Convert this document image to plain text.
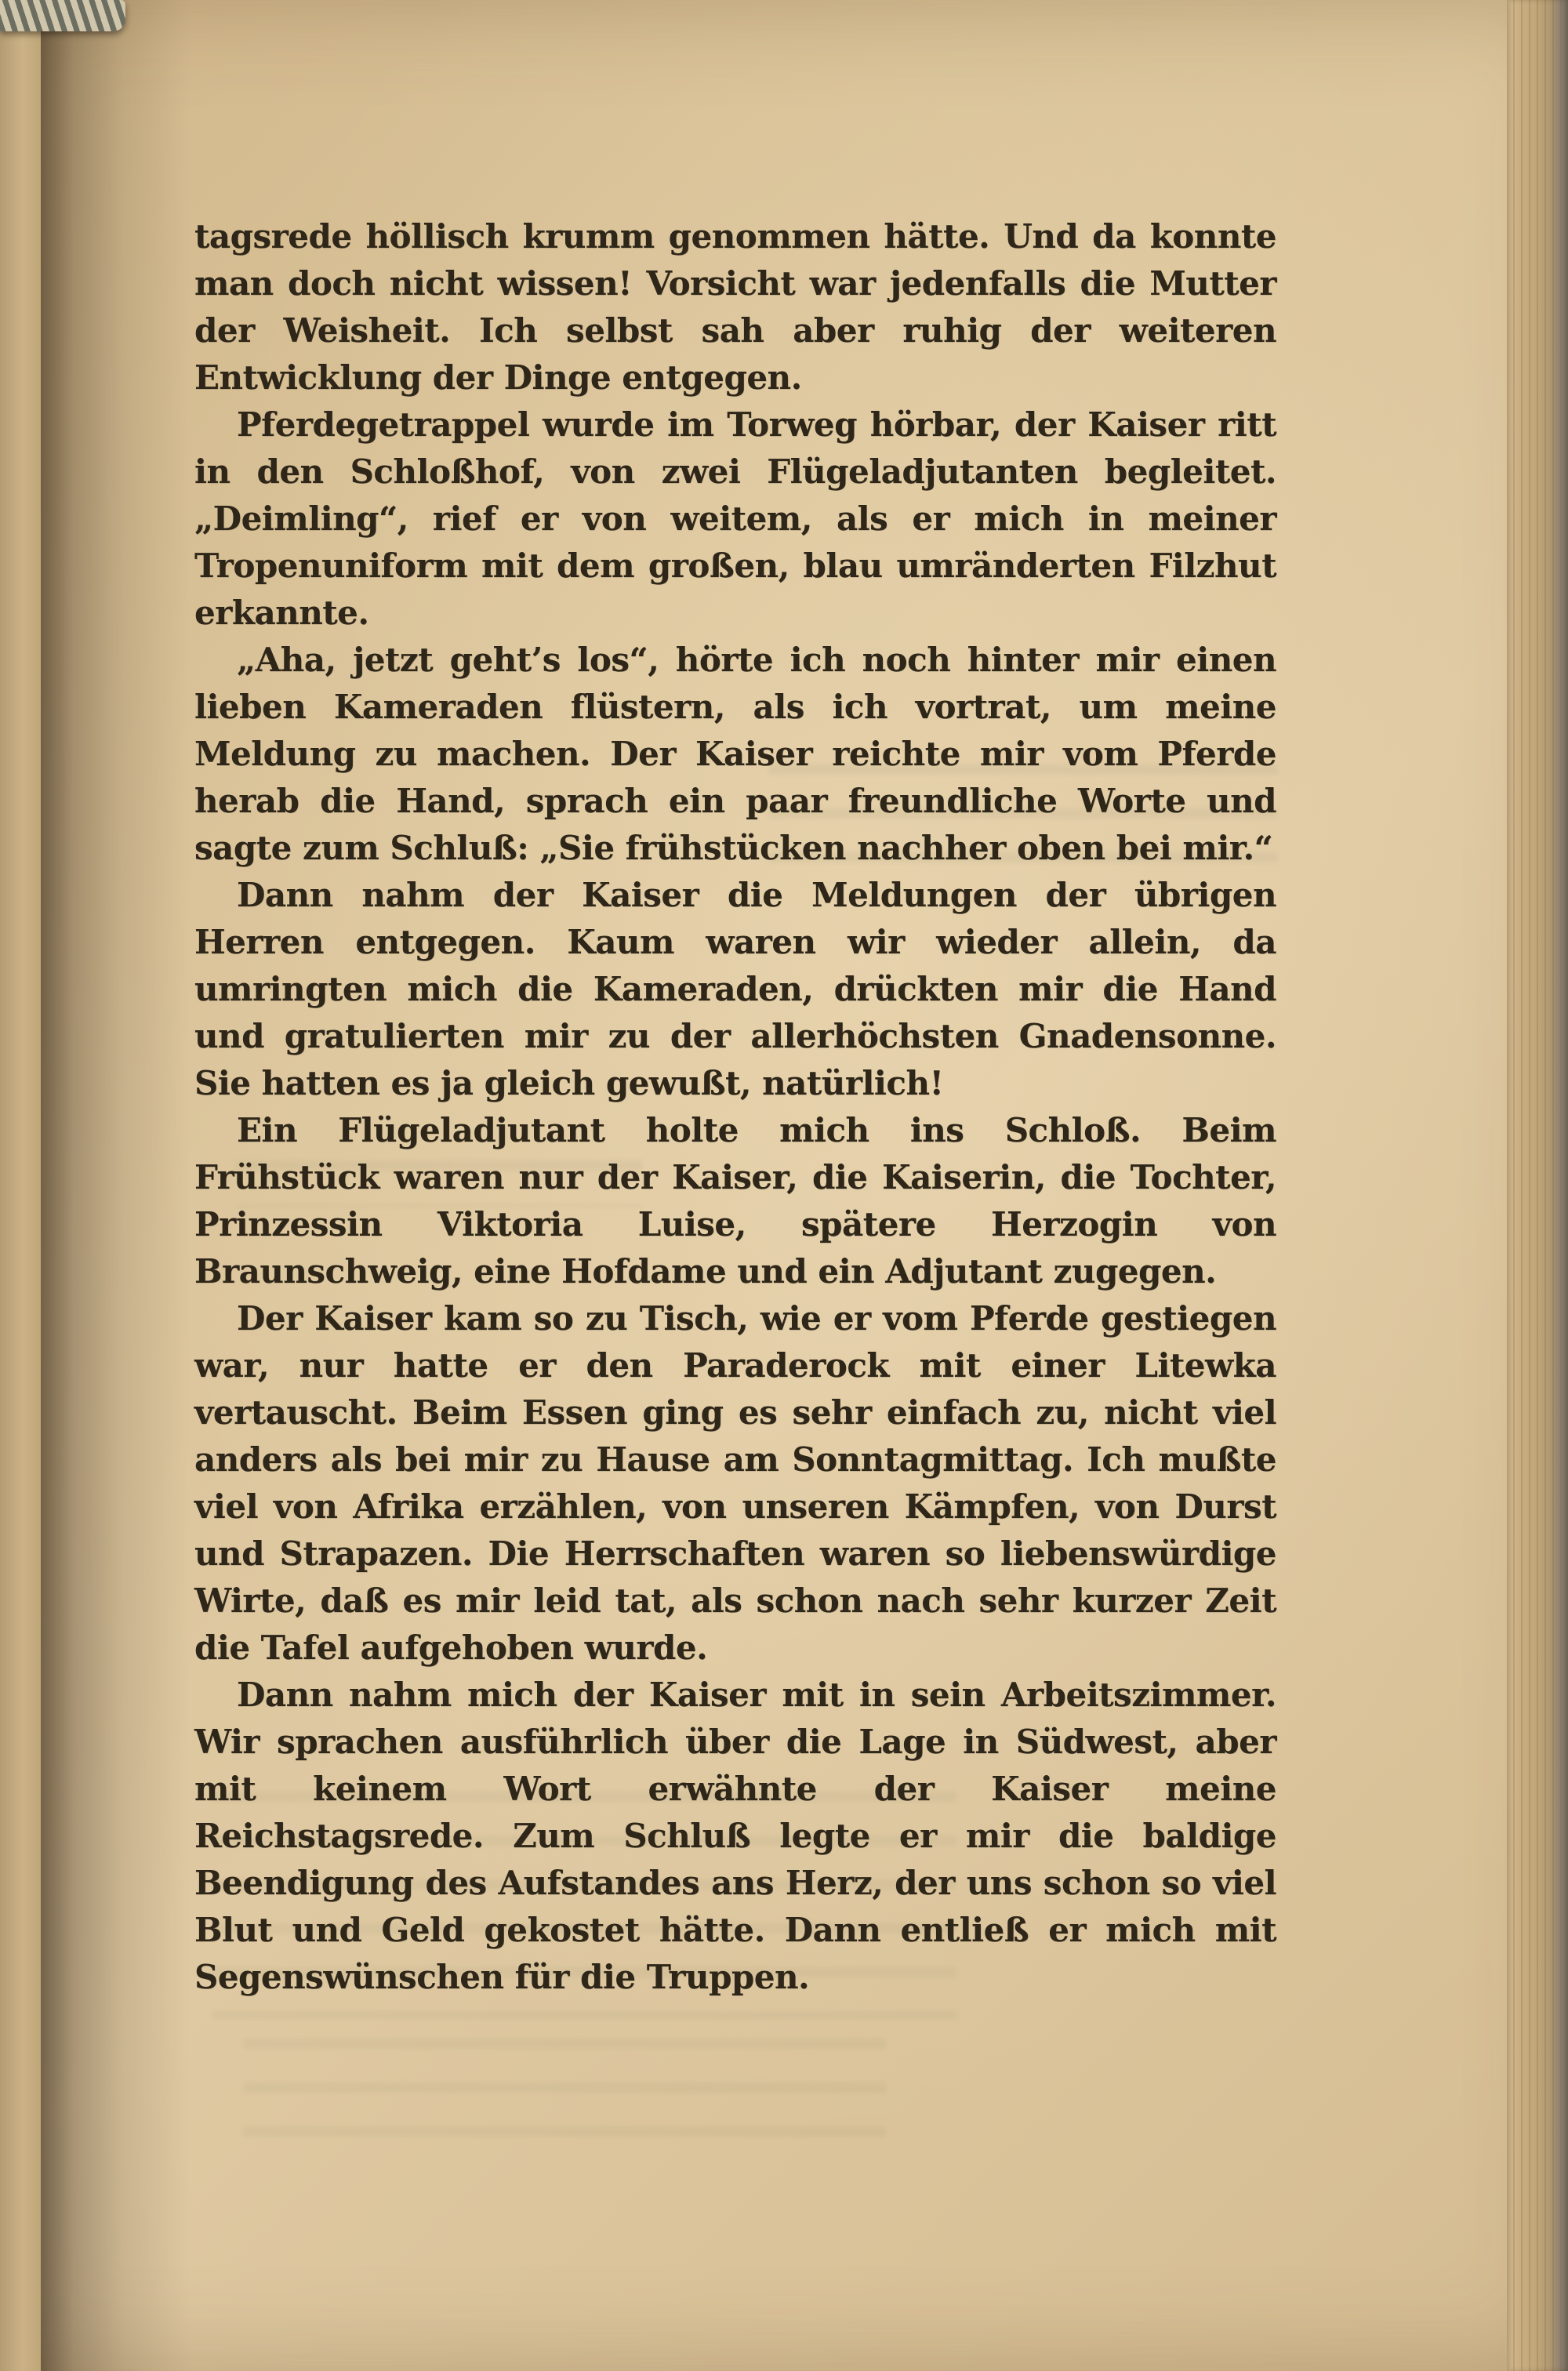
tagsrede höllisch krumm genommen hätte. Und da konnte man doch nicht wissen! Vorsicht war jedenfalls die Mutter der Weisheit. Ich selbst sah aber ruhig der weiteren Entwicklung der Dinge entgegen.

Pferdegetrappel wurde im Torweg hörbar, der Kaiser ritt in den Schloßhof, von zwei Flügeladjutanten begleitet. „Deimling“, rief er von weitem, als er mich in meiner Tropenuniform mit dem großen, blau umränderten Filzhut erkannte.

„Aha, jetzt geht’s los“, hörte ich noch hinter mir einen lieben Kameraden flüstern, als ich vortrat, um meine Meldung zu machen. Der Kaiser reichte mir vom Pferde herab die Hand, sprach ein paar freundliche Worte und sagte zum Schluß: „Sie frühstücken nachher oben bei mir.“

Dann nahm der Kaiser die Meldungen der übrigen Herren entgegen. Kaum waren wir wieder allein, da umringten mich die Kameraden, drückten mir die Hand und gratulierten mir zu der allerhöchsten Gnadensonne. Sie hatten es ja gleich gewußt, natürlich!

Ein Flügeladjutant holte mich ins Schloß. Beim Frühstück waren nur der Kaiser, die Kaiserin, die Tochter, Prinzessin Viktoria Luise, spätere Herzogin von Braunschweig, eine Hofdame und ein Adjutant zugegen.

Der Kaiser kam so zu Tisch, wie er vom Pferde gestiegen war, nur hatte er den Paraderock mit einer Litewka vertauscht. Beim Essen ging es sehr einfach zu, nicht viel anders als bei mir zu Hause am Sonntagmittag. Ich mußte viel von Afrika erzählen, von unseren Kämpfen, von Durst und Strapazen. Die Herrschaften waren so liebenswürdige Wirte, daß es mir leid tat, als schon nach sehr kurzer Zeit die Tafel aufgehoben wurde.

Dann nahm mich der Kaiser mit in sein Arbeitszimmer. Wir sprachen ausführlich über die Lage in Südwest, aber mit keinem Wort erwähnte der Kaiser meine Reichstagsrede. Zum Schluß legte er mir die baldige Beendigung des Aufstandes ans Herz, der uns schon so viel Blut und Geld gekostet hätte. Dann entließ er mich mit Segenswünschen für die Truppen.
